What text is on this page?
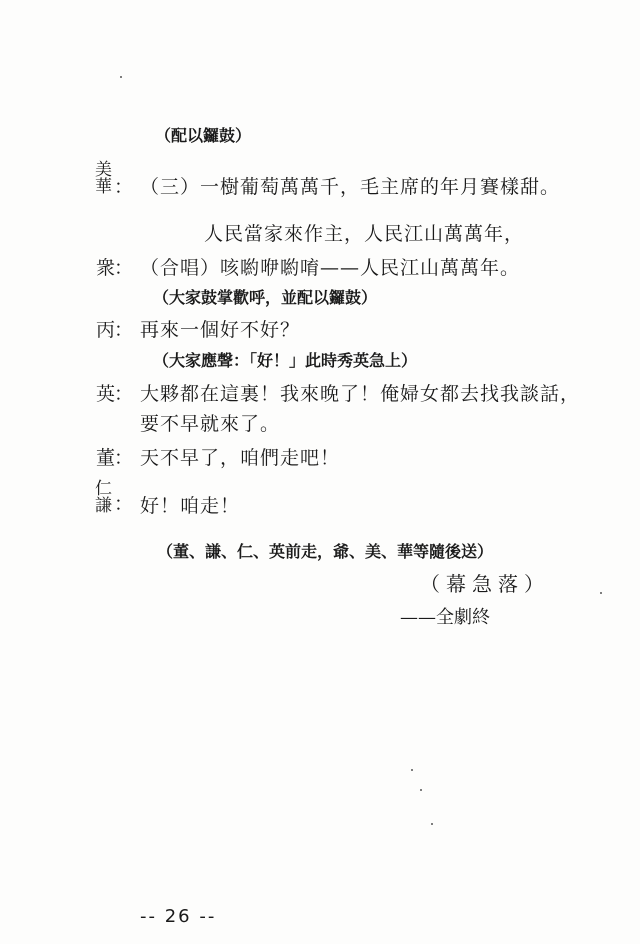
（配以鑼鼓）
美
華 ： （三）一樹葡萄萬萬千，毛主席的年月賽樣甜。
人民當家來作主，人民江山萬萬年，
衆
： （合唱）咳喲咿喲唷——人民江山萬萬年。
（大家鼓掌歡呼，並配以鑼鼓）
丙
： 再來一個好不好？
（大家應聲：「好！」此時秀英急上）
英
： 大夥都在這裏！我來晚了！俺婦女都去找我談話，
要不早就來了。
董
： 天不早了，咱們走吧！
仁
謙 ： 好！咱走！
（董、謙、仁、英前走，爺、美、華等隨後送）
（幕急落）
——全劇終
-- 26 --
